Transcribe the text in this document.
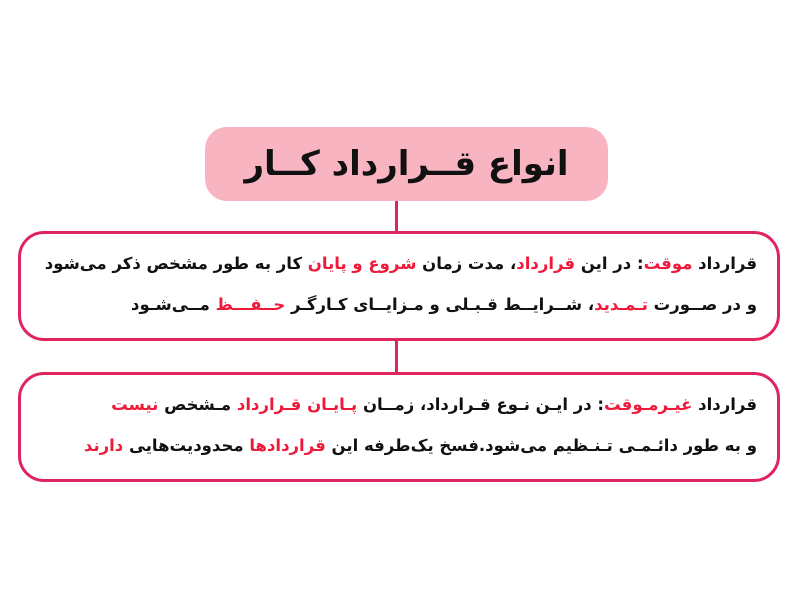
انواع قــرارداد کــار
قرارداد موقت: در این قرارداد، مدت زمان شروع و پایان کار به طور مشخص ذکر می‌شود
و در صــورت تـمـدید، شــرایــط قـبـلی و مـزایــای کـارگـر حــفـــظ مــی‌شـود
قرارداد غیـرمـوقت: در ایـن نـوع قـرارداد، زمــان پـایـان قـرارداد مـشخص نیست
و به طور دائـمـی تـنـظیم می‌شود.فسخ یک‌طرفه این قراردادها محدودیت‌هایی دارند
